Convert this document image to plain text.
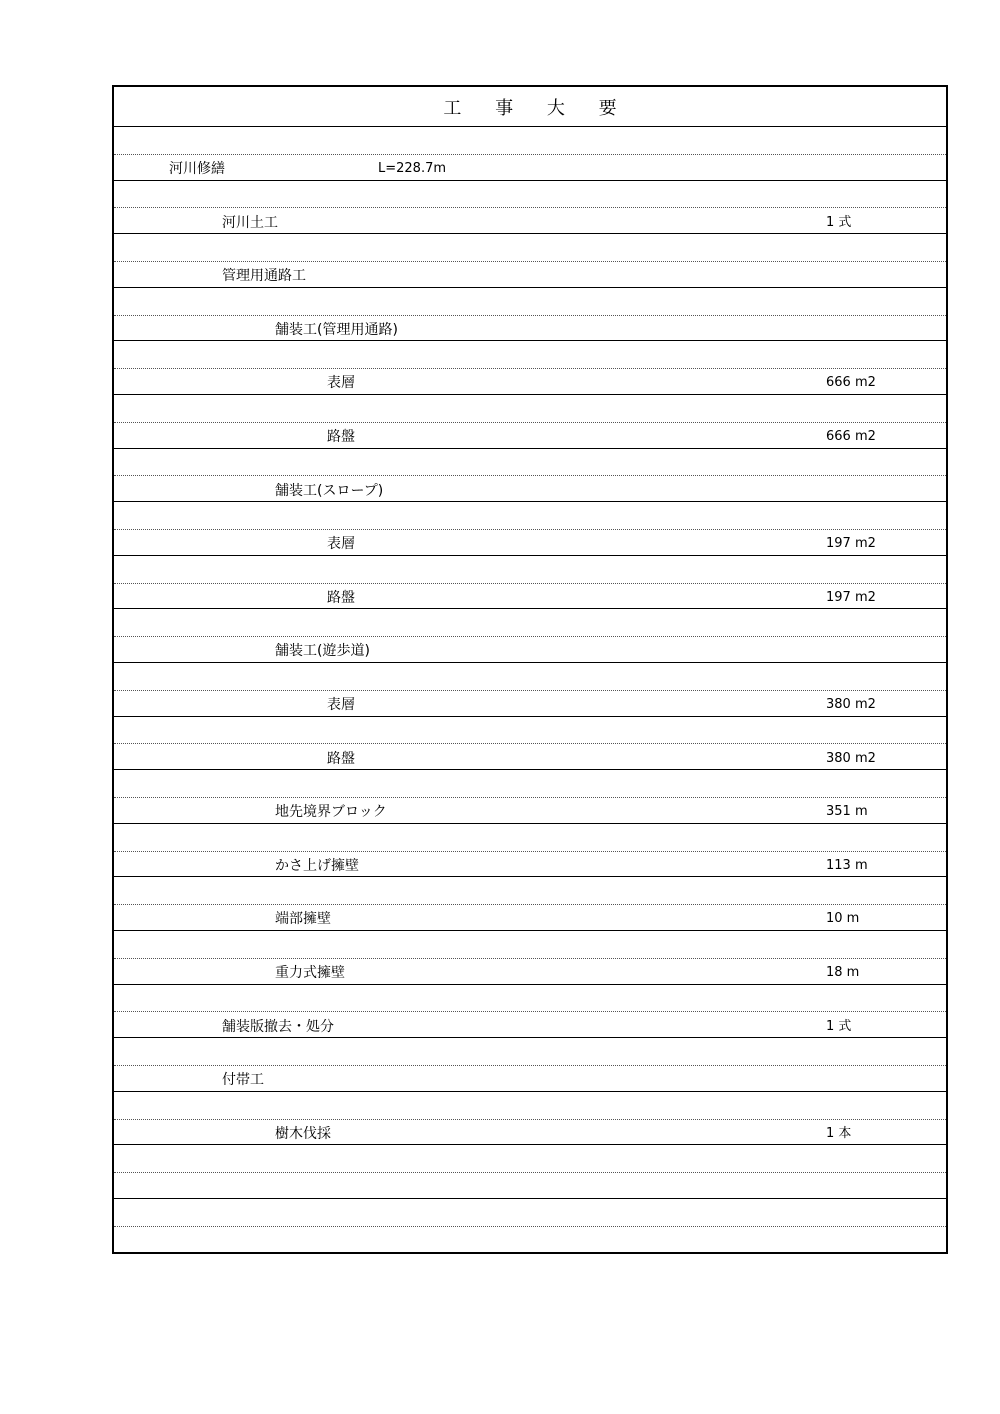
工 事 大 要
河川修繕	L=228.7m
河川土工	1 式
管理用通路工
舗装工(管理用通路)
表層	666 m2
路盤	666 m2
舗装工(スロープ)
表層	197 m2
路盤	197 m2
舗装工(遊歩道)
表層	380 m2
路盤	380 m2
地先境界ブロック	351 m
かさ上げ擁壁	113 m
端部擁壁	10 m
重力式擁壁	18 m
舗装版撤去・処分	1 式
付帯工
樹木伐採	1 本
